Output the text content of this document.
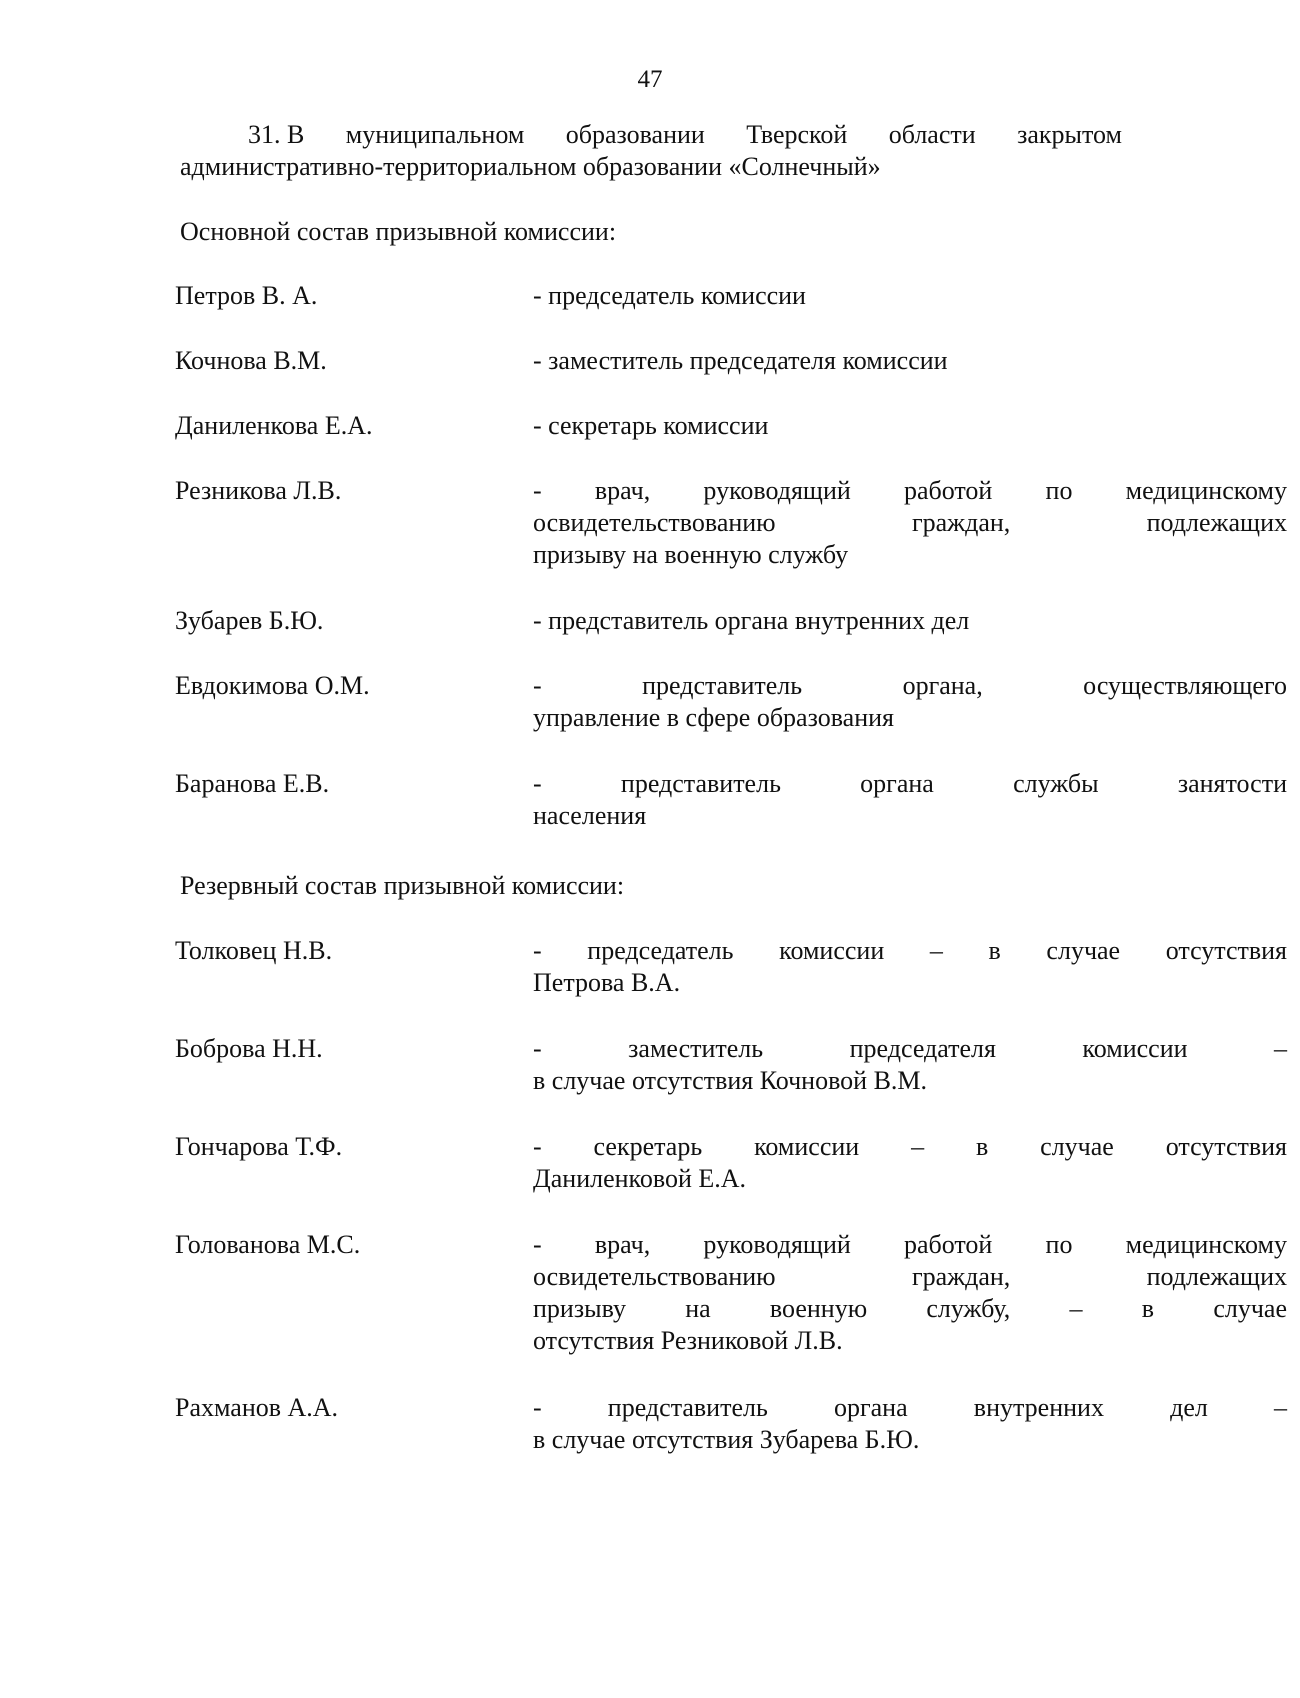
47
31. В муниципальном образовании Тверской области закрытом
административно-территориальном образовании «Солнечный»
Основной состав призывной комиссии:
Петров В. А.	- председатель комиссии
Кочнова В.М.	- заместитель председателя комиссии
Даниленкова Е.А.	- секретарь комиссии
Резникова Л.В.	- врач, руководящий работой по медицинскому
освидетельствованию граждан, подлежащих
призыву на военную службу
Зубарев Б.Ю.	- представитель органа внутренних дел
Евдокимова О.М.	- представитель органа, осуществляющего
управление в сфере образования
Баранова Е.В.	- представитель органа службы занятости
населения
Резервный состав призывной комиссии:
Толковец Н.В.	- председатель комиссии – в случае отсутствия
Петрова В.А.
Боброва Н.Н.	- заместитель председателя комиссии –
в случае отсутствия Кочновой В.М.
Гончарова Т.Ф.	- секретарь комиссии – в случае отсутствия
Даниленковой Е.А.
Голованова М.С.	- врач, руководящий работой по медицинскому
освидетельствованию граждан, подлежащих
призыву на военную службу, – в случае
отсутствия Резниковой Л.В.
Рахманов А.А.	- представитель органа внутренних дел –
в случае отсутствия Зубарева Б.Ю.
